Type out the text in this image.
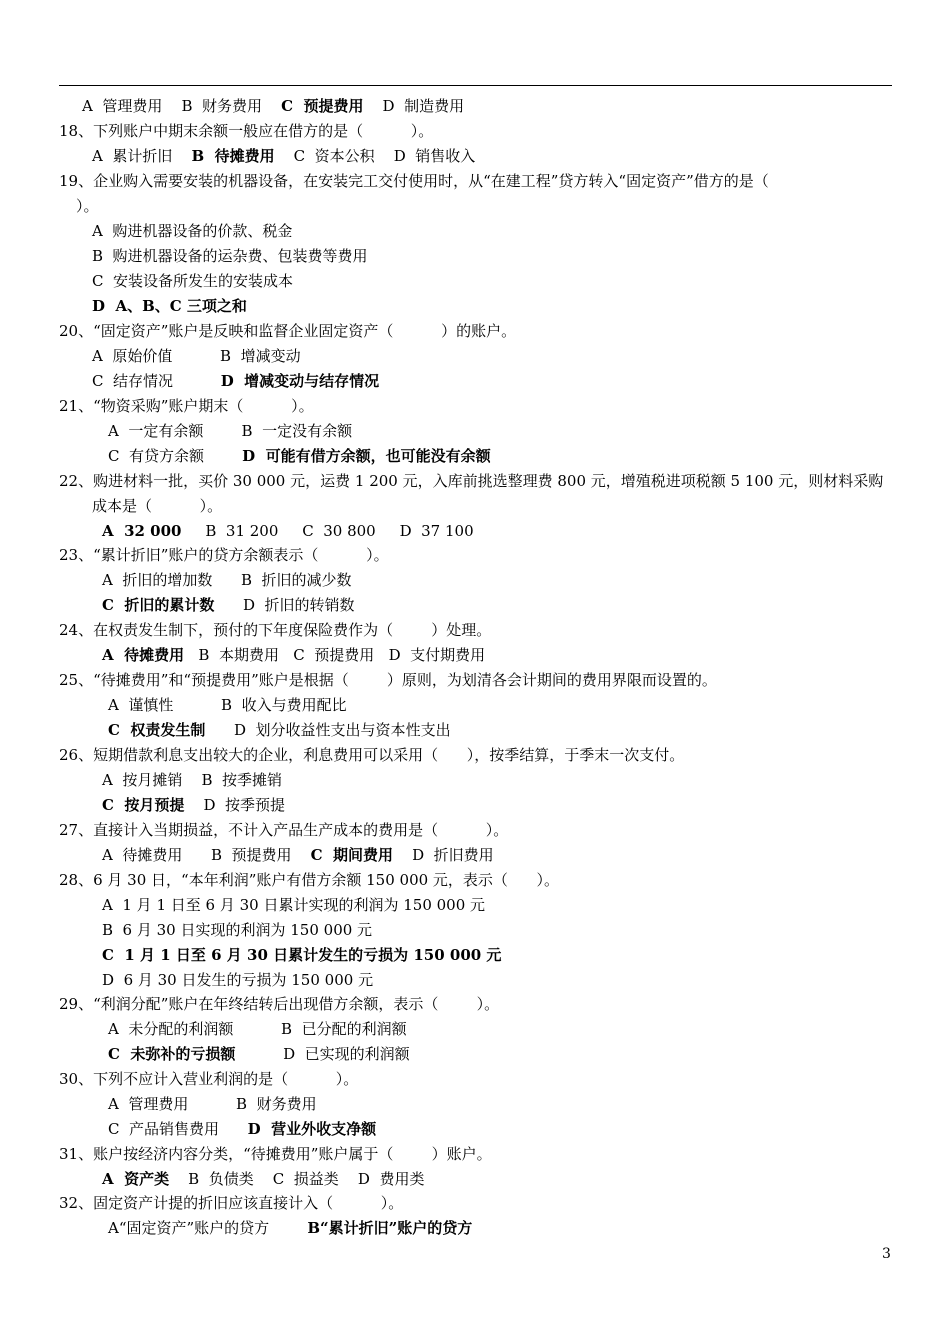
A  管理费用    B  财务费用    C  预提费用    D  制造费用
18、下列账户中期末余额一般应在借方的是（          ）。
A  累计折旧    B  待摊费用    C  资本公积    D  销售收入
19、企业购入需要安装的机器设备，在安装完工交付使用时，从“在建工程”贷方转入“固定资产”借方的是（
）。
A  购进机器设备的价款、税金
B  购进机器设备的运杂费、包装费等费用
C  安装设备所发生的安装成本
D  A、B、C 三项之和
20、“固定资产”账户是反映和监督企业固定资产（          ）的账户。
A  原始价值          B  增减变动
C  结存情况          D  增减变动与结存情况
21、“物资采购”账户期末（          ）。
A  一定有余额        B  一定没有余额
C  有贷方余额        D  可能有借方余额，也可能没有余额
22、购进材料一批，买价 30 000 元，运费 1 200 元，入库前挑选整理费 800 元，增殖税进项税额 5 100 元，则材料采购
成本是（          ）。
A  32 000     B  31 200     C  30 800     D  37 100
23、“累计折旧”账户的贷方余额表示（          ）。
A  折旧的增加数      B  折旧的减少数
C  折旧的累计数      D  折旧的转销数
24、在权责发生制下，预付的下年度保险费作为（        ）处理。
A  待摊费用   B  本期费用   C  预提费用   D  支付期费用
25、“待摊费用”和“预提费用”账户是根据（        ）原则，为划清各会计期间的费用界限而设置的。
A  谨慎性          B  收入与费用配比
C  权责发生制      D  划分收益性支出与资本性支出
26、短期借款利息支出较大的企业，利息费用可以采用（      ），按季结算，于季末一次支付。
A  按月摊销    B  按季摊销
C  按月预提    D  按季预提
27、直接计入当期损益，不计入产品生产成本的费用是（          ）。
A  待摊费用      B  预提费用    C  期间费用    D  折旧费用
28、6 月 30 日，“本年利润”账户有借方余额 150 000 元，表示（      ）。
A  1 月 1 日至 6 月 30 日累计实现的利润为 150 000 元
B  6 月 30 日实现的利润为 150 000 元
C  1 月 1 日至 6 月 30 日累计发生的亏损为 150 000 元
D  6 月 30 日发生的亏损为 150 000 元
29、“利润分配”账户在年终结转后出现借方余额，表示（        ）。
A  未分配的利润额          B  已分配的利润额
C  未弥补的亏损额          D  已实现的利润额
30、下列不应计入营业利润的是（          ）。
A  管理费用          B  财务费用
C  产品销售费用      D  营业外收支净额
31、账户按经济内容分类，“待摊费用”账户属于（        ）账户。
A  资产类    B  负债类    C  损益类    D  费用类
32、固定资产计提的折旧应该直接计入（          ）。
A“固定资产”账户的贷方        B“累计折旧”账户的贷方
3
